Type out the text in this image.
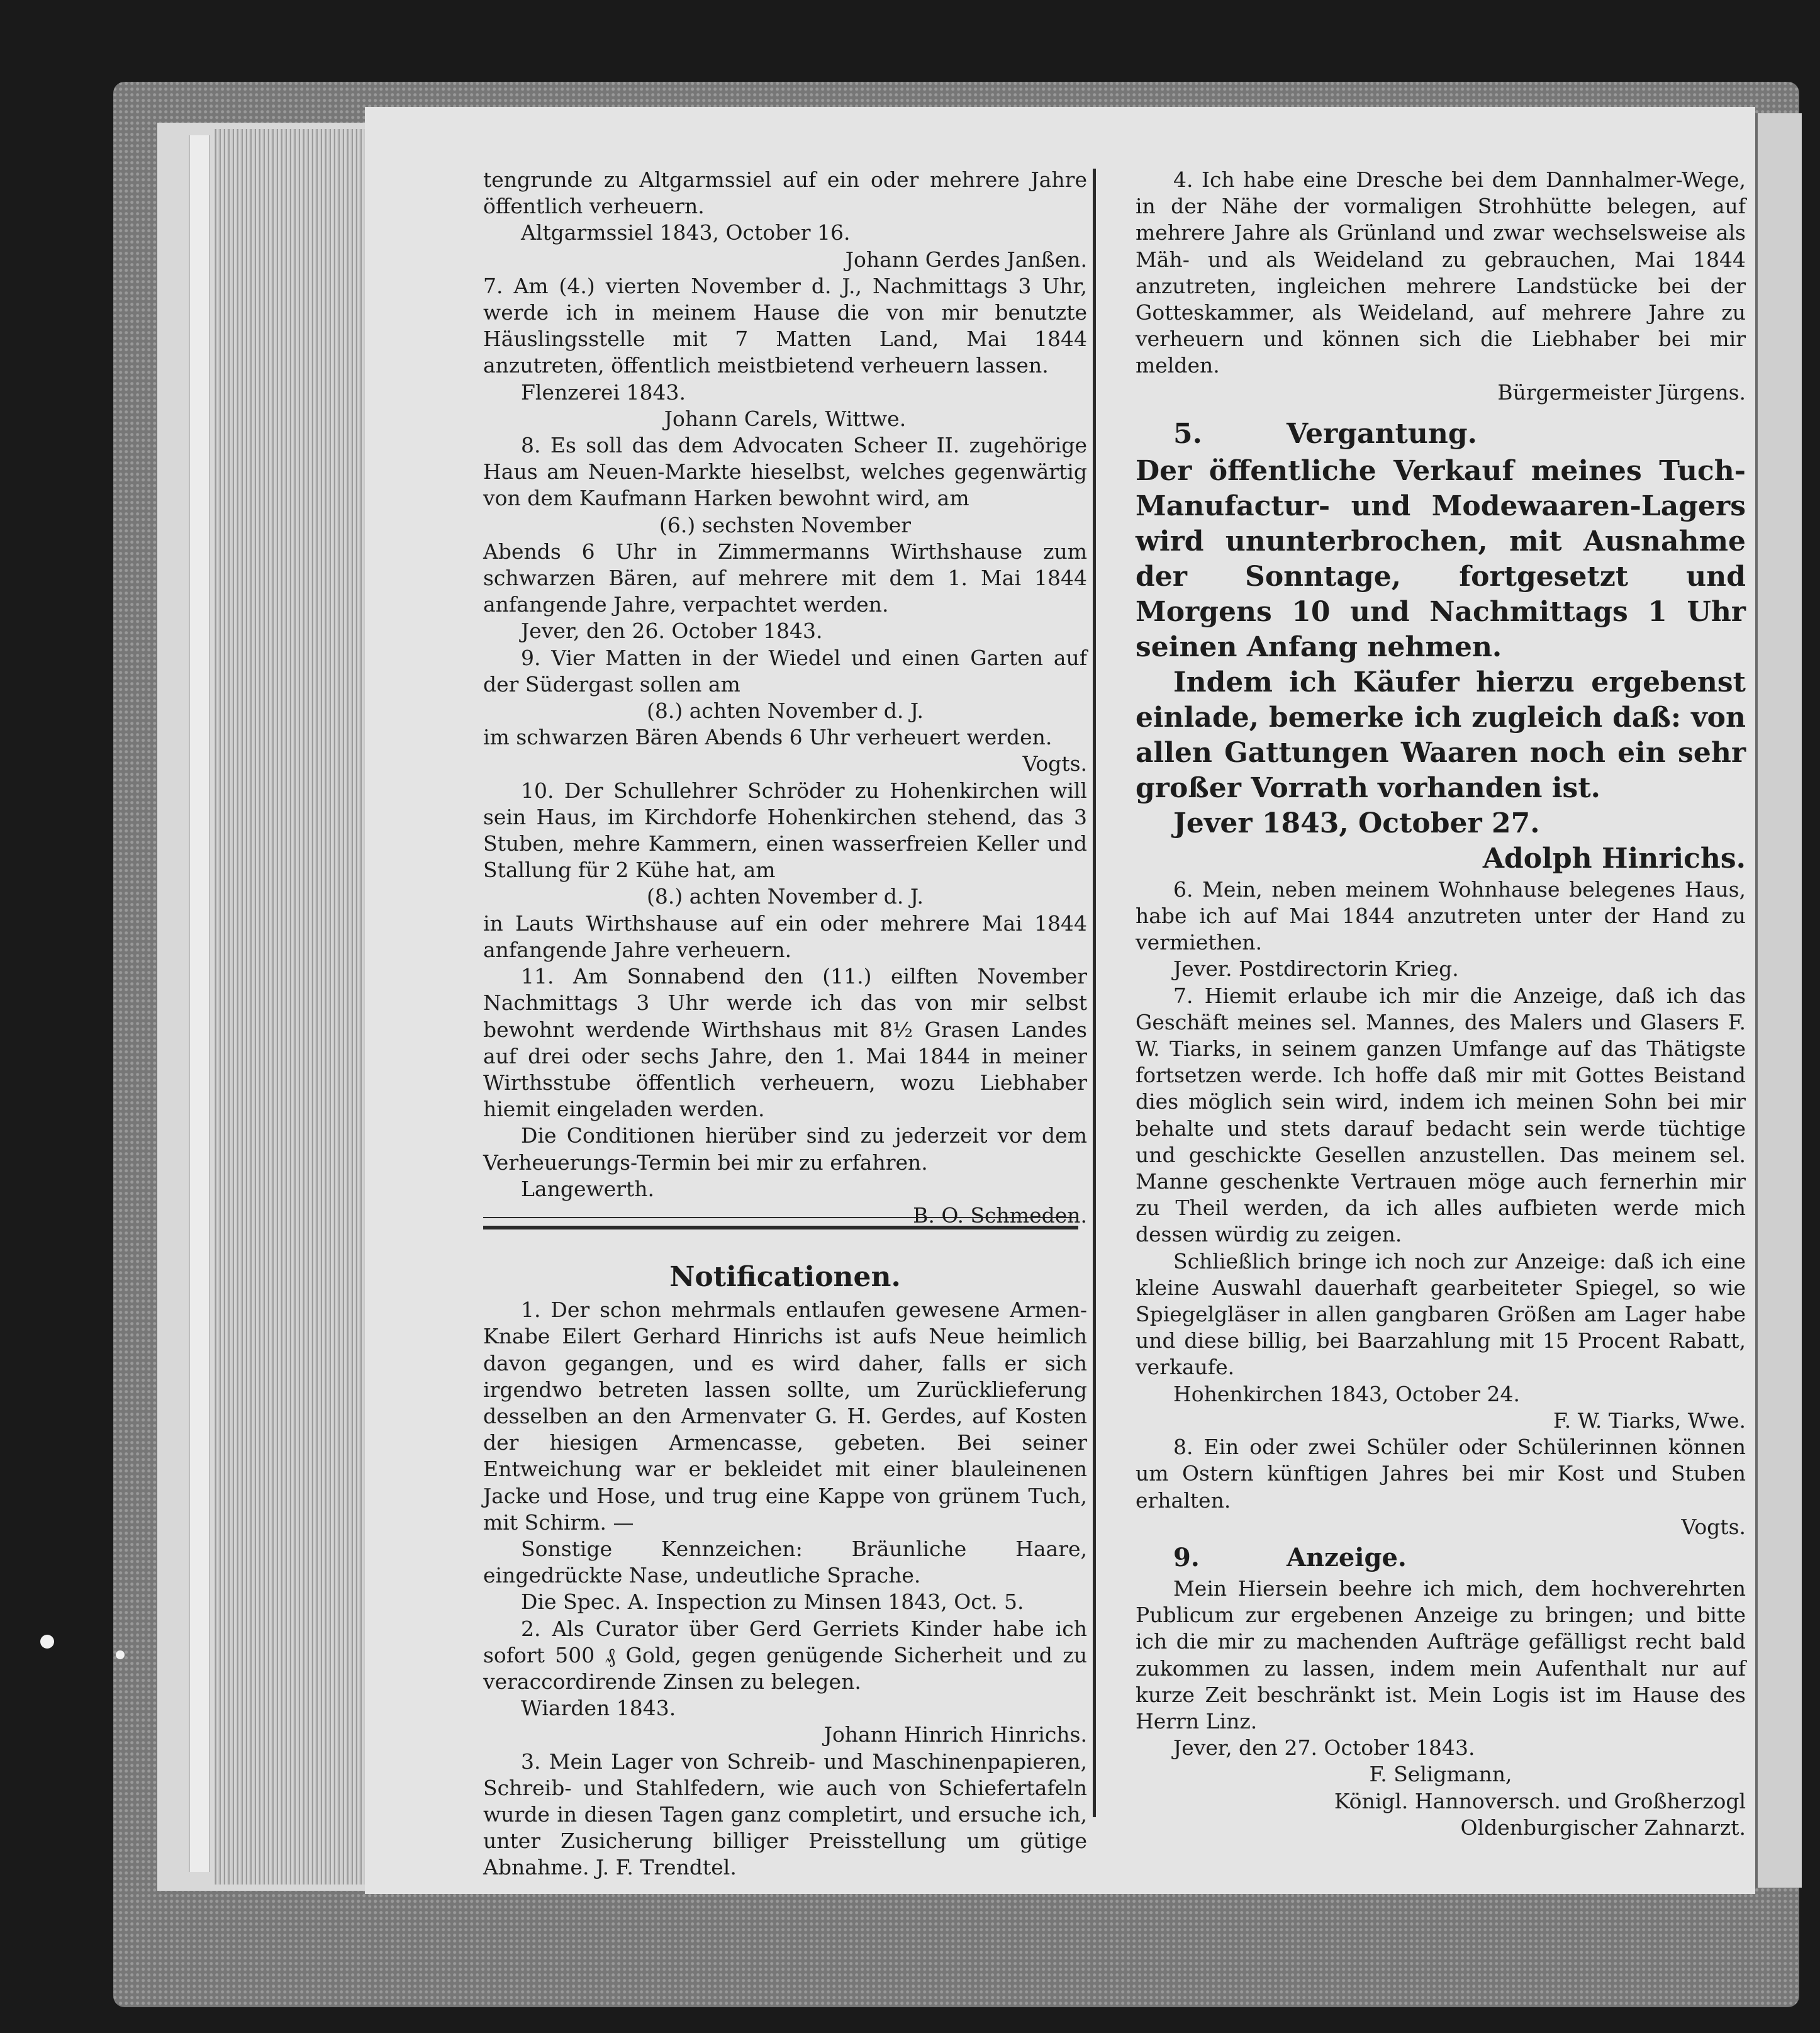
tengrunde zu Altgarmssiel auf ein oder mehrere Jahre öffentlich verheuern.

Altgarmssiel 1843, October 16.

Johann Gerdes Janßen.

7. Am (4.) vierten November d. J., Nachmittags 3 Uhr, werde ich in meinem Hause die von mir benutzte Häuslingsstelle mit 7 Matten Land, Mai 1844 anzutreten, öffentlich meistbietend verheuern lassen.

Flenzerei 1843.

Johann Carels, Wittwe.

8. Es soll das dem Advocaten Scheer II. zugehörige Haus am Neuen-Markte hieselbst, welches gegenwärtig von dem Kaufmann Harken bewohnt wird, am

(6.) sechsten November

Abends 6 Uhr in Zimmermanns Wirthshause zum schwarzen Bären, auf mehrere mit dem 1. Mai 1844 anfangende Jahre, verpachtet werden.

Jever, den 26. October 1843.

9. Vier Matten in der Wiedel und einen Garten auf der Südergast sollen am

(8.) achten November d. J.

im schwarzen Bären Abends 6 Uhr verheuert werden.

Vogts.

10. Der Schullehrer Schröder zu Hohenkirchen will sein Haus, im Kirchdorfe Hohenkirchen stehend, das 3 Stuben, mehre Kammern, einen wasserfreien Keller und Stallung für 2 Kühe hat, am

(8.) achten November d. J.

in Lauts Wirthshause auf ein oder mehrere Mai 1844 anfangende Jahre verheuern.

11. Am Sonnabend den (11.) eilften November Nachmittags 3 Uhr werde ich das von mir selbst bewohnt werdende Wirthshaus mit 8½ Grasen Landes auf drei oder sechs Jahre, den 1. Mai 1844 in meiner Wirthsstube öffentlich verheuern, wozu Liebhaber hiemit eingeladen werden.

Die Conditionen hierüber sind zu jederzeit vor dem Verheuerungs-Termin bei mir zu erfahren.

Langewerth.

B. O. Schmeden.

Notificationen.

1. Der schon mehrmals entlaufen gewesene Armen-Knabe Eilert Gerhard Hinrichs ist aufs Neue heimlich davon gegangen, und es wird daher, falls er sich irgendwo betreten lassen sollte, um Zurücklieferung desselben an den Armenvater G. H. Gerdes, auf Kosten der hiesigen Armencasse, gebeten. Bei seiner Entweichung war er bekleidet mit einer blauleinenen Jacke und Hose, und trug eine Kappe von grünem Tuch, mit Schirm. —

Sonstige Kennzeichen: Bräunliche Haare, eingedrückte Nase, undeutliche Sprache.

Die Spec. A. Inspection zu Minsen 1843, Oct. 5.

2. Als Curator über Gerd Gerriets Kinder habe ich sofort 500 ₰ Gold, gegen genügende Sicherheit und zu veraccordirende Zinsen zu belegen.

Wiarden 1843.

Johann Hinrich Hinrichs.

3. Mein Lager von Schreib- und Maschinenpapieren, Schreib- und Stahlfedern, wie auch von Schiefertafeln wurde in diesen Tagen ganz completirt, und ersuche ich, unter Zusicherung billiger Preisstellung um gütige Abnahme. J. F. Trendtel.

4. Ich habe eine Dresche bei dem Dannhalmer-Wege, in der Nähe der vormaligen Strohhütte belegen, auf mehrere Jahre als Grünland und zwar wechselsweise als Mäh- und als Weideland zu gebrauchen, Mai 1844 anzutreten, ingleichen mehrere Landstücke bei der Gotteskammer, als Weideland, auf mehrere Jahre zu verheuern und können sich die Liebhaber bei mir melden.

Bürgermeister Jürgens.

5.	Vergantung.

Der öffentliche Verkauf meines Tuch-Manufactur- und Modewaaren-Lagers wird ununterbrochen, mit Ausnahme der Sonntage, fortgesetzt und Morgens 10 und Nachmittags 1 Uhr seinen Anfang nehmen.

Indem ich Käufer hierzu ergebenst einlade, bemerke ich zugleich daß: von allen Gattungen Waaren noch ein sehr großer Vorrath vorhanden ist.

Jever 1843, October 27.

Adolph Hinrichs.

6. Mein, neben meinem Wohnhause belegenes Haus, habe ich auf Mai 1844 anzutreten unter der Hand zu vermiethen.

Jever. Postdirectorin Krieg.

7. Hiemit erlaube ich mir die Anzeige, daß ich das Geschäft meines sel. Mannes, des Malers und Glasers F. W. Tiarks, in seinem ganzen Umfange auf das Thätigste fortsetzen werde. Ich hoffe daß mir mit Gottes Beistand dies möglich sein wird, indem ich meinen Sohn bei mir behalte und stets darauf bedacht sein werde tüchtige und geschickte Gesellen anzustellen. Das meinem sel. Manne geschenkte Vertrauen möge auch fernerhin mir zu Theil werden, da ich alles aufbieten werde mich dessen würdig zu zeigen.

Schließlich bringe ich noch zur Anzeige: daß ich eine kleine Auswahl dauerhaft gearbeiteter Spiegel, so wie Spiegelgläser in allen gangbaren Größen am Lager habe und diese billig, bei Baarzahlung mit 15 Procent Rabatt, verkaufe.

Hohenkirchen 1843, October 24.

F. W. Tiarks, Wwe.

8. Ein oder zwei Schüler oder Schülerinnen können um Ostern künftigen Jahres bei mir Kost und Stuben erhalten.

Vogts.

9.	Anzeige.

Mein Hiersein beehre ich mich, dem hochverehrten Publicum zur ergebenen Anzeige zu bringen; und bitte ich die mir zu machenden Aufträge gefälligst recht bald zukommen zu lassen, indem mein Aufenthalt nur auf kurze Zeit beschränkt ist. Mein Logis ist im Hause des Herrn Linz.

Jever, den 27. October 1843.

F. Seligmann,

Königl. Hannoversch. und Großherzogl

Oldenburgischer Zahnarzt.
